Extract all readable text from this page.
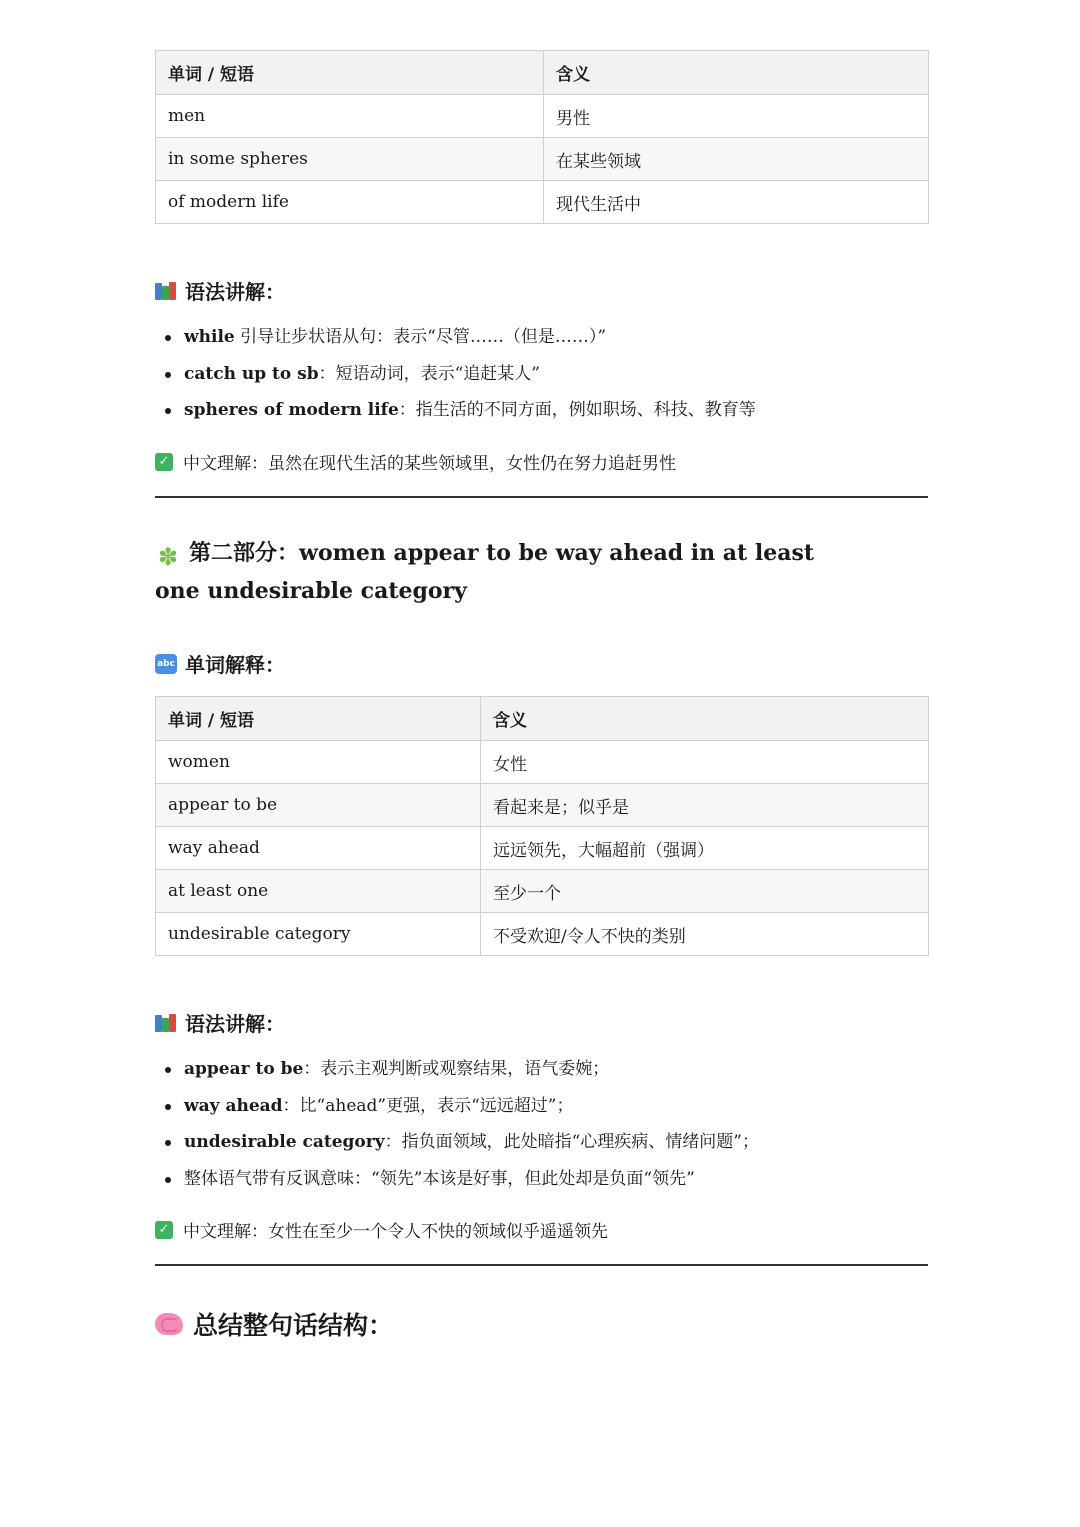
单词 / 短语	含义
men	男性
in some spheres	在某些领域
of modern life	现代生活中
语法讲解：
while 引导让步状语从句：表示“尽管……（但是……）”
catch up to sb：短语动词，表示“追赶某人”
spheres of modern life：指生活的不同方面，例如职场、科技、教育等
✓ 中文理解：虽然在现代生活的某些领域里，女性仍在努力追赶男性
✽ 第二部分：women appear to be way ahead in at least one undesirable category
abc 单词解释：
单词 / 短语	含义
women	女性
appear to be	看起来是；似乎是
way ahead	远远领先，大幅超前（强调）
at least one	至少一个
undesirable category	不受欢迎/令人不快的类别
语法讲解：
appear to be：表示主观判断或观察结果，语气委婉；
way ahead：比“ahead”更强，表示“远远超过”；
undesirable category：指负面领域，此处暗指“心理疾病、情绪问题”；
整体语气带有反讽意味：“领先”本该是好事，但此处却是负面“领先”
✓ 中文理解：女性在至少一个令人不快的领域似乎遥遥领先
总结整句话结构：
